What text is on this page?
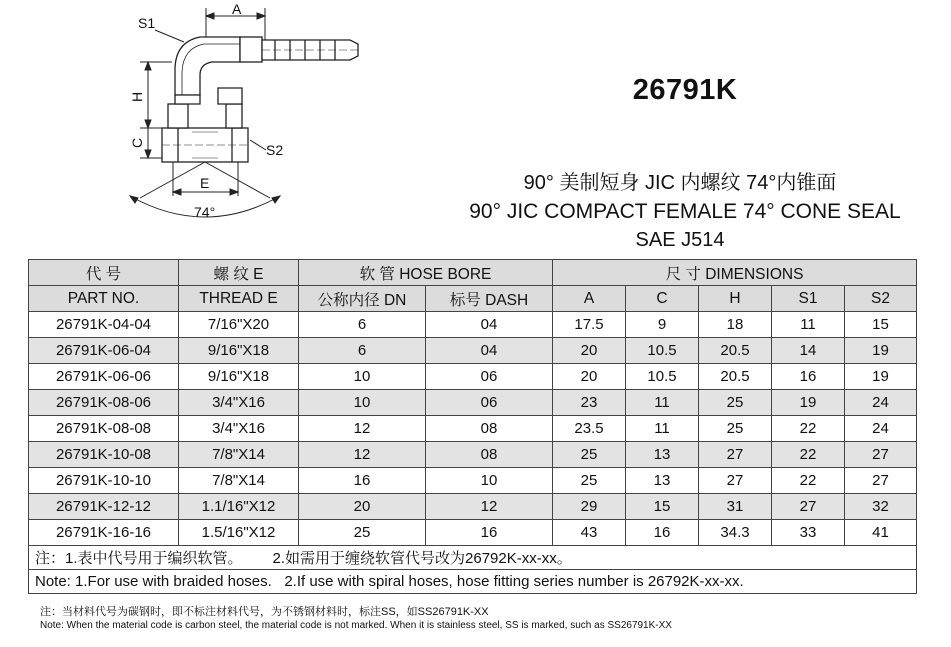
A
S1
H
C	S2
E
74°
26791K
90° 美制短身 JIC 内螺纹 74°内锥面
90° JIC COMPACT FEMALE 74° CONE SEAL
SAE J514
代 号	螺 纹 E	软 管 HOSE BORE		尺 寸 DIMENSIONS				
PART NO.	THREAD E	公称内径 DN	标号 DASH	A	C	H	S1	S2
26791K-04-04	7/16"X20	6	04	17.5	9	18	11	15
26791K-06-04	9/16"X18	6	04	20	10.5	20.5	14	19
26791K-06-06	9/16"X18	10	06	20	10.5	20.5	16	19
26791K-08-06	3/4"X16	10	06	23	11	25	19	24
26791K-08-08	3/4"X16	12	08	23.5	11	25	22	24
26791K-10-08	7/8"X14	12	08	25	13	27	22	27
26791K-10-10	7/8"X14	16	10	25	13	27	22	27
26791K-12-12	1.1/16"X12	20	12	29	15	31	27	32
26791K-16-16	1.5/16"X12	25	16	43	16	34.3	33	41
注：1.表中代号用于编织软管。 2.如需用于缠绕软管代号改为26792K-xx-xx。								
Note: 1.For use with braided hoses. 2.If use with spiral hoses, hose fitting series number is 26792K-xx-xx.								
注：当材料代号为碳钢时，即不标注材料代号，为不锈钢材料时，标注SS，如SS26791K-XX
Note: When the material code is carbon steel, the material code is not marked. When it is stainless steel, SS is marked, such as SS26791K-XX
